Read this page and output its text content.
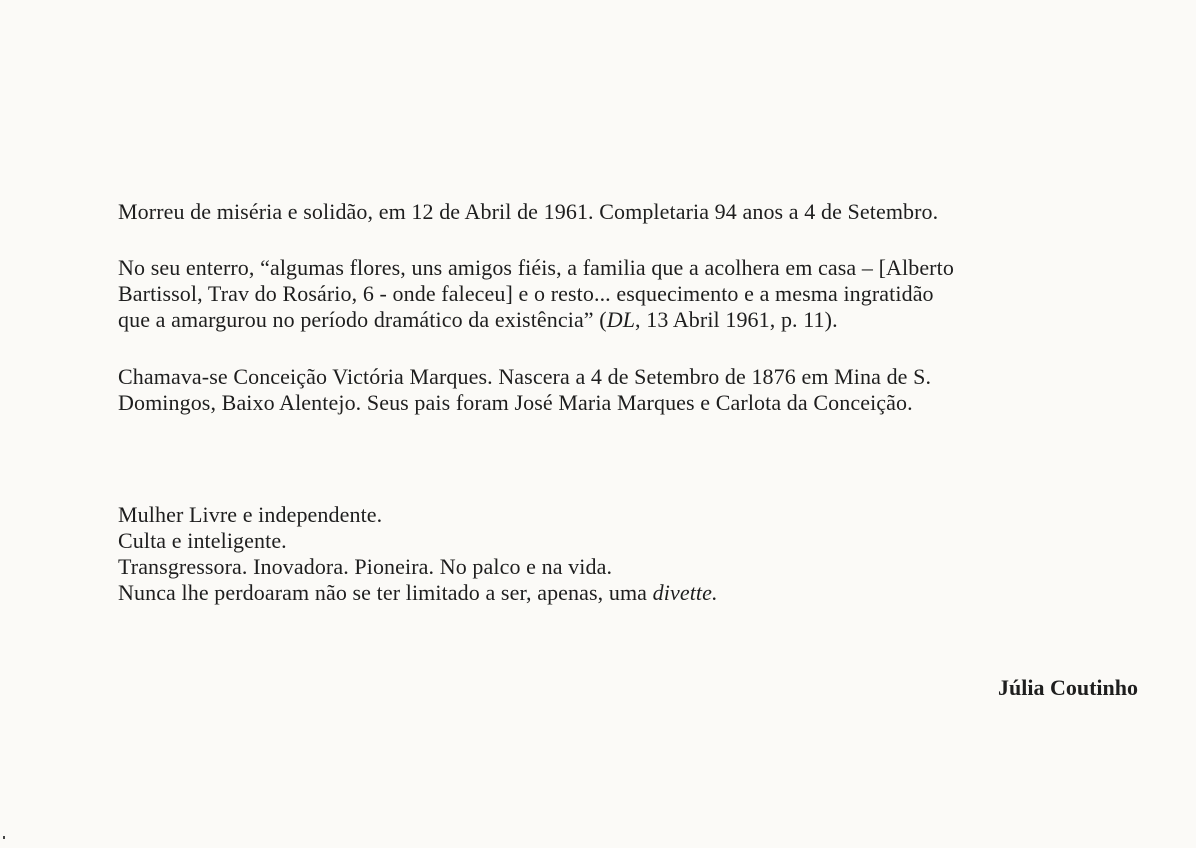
Morreu de miséria e solidão, em 12 de Abril de 1961. Completaria 94 anos a 4 de Setembro.
No seu enterro, “algumas flores, uns amigos fiéis, a familia que a acolhera em casa – [Alberto
Bartissol, Trav do Rosário, 6 - onde faleceu] e o resto... esquecimento e a mesma ingratidão
que a amargurou no período dramático da existência” (DL, 13 Abril 1961, p. 11).
Chamava-se Conceição Victória Marques. Nascera a 4 de Setembro de 1876 em Mina de S.
Domingos, Baixo Alentejo. Seus pais foram José Maria Marques e Carlota da Conceição.
Mulher Livre e independente.
Culta e inteligente.
Transgressora. Inovadora. Pioneira. No palco e na vida.
Nunca lhe perdoaram não se ter limitado a ser, apenas, uma divette.
Júlia Coutinho
